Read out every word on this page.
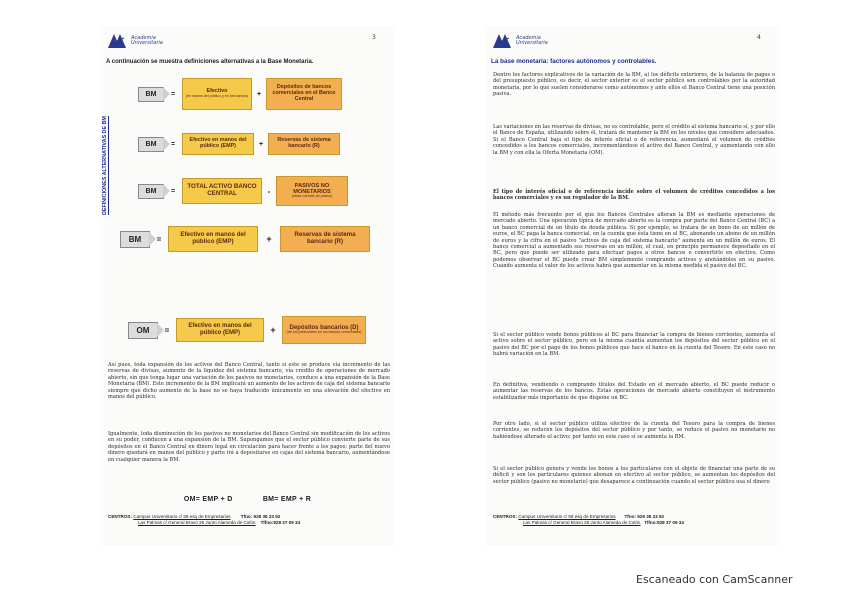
Academia
Universitaria
3
A continuación se muestra definiciones alternativas a la Base Monetaria.
DEFINICIONES ALTERNATIVAS DE BM
BM	=	Efectivo
(en manos del público y en los bancos)	+
Depósitos de bancos comerciales en el Banco Central
BM	=
Efectivo en manos del público (EMP)	+
Reservas de sistema bancario (R)
BM	=
TOTAL ACTIVO BANCO CENTRAL	-
PASIVOS NO MONETARIOS
(otras cuentas de pasivo)
BM	=	Efectivo en manos del público (EMP)	+	Reservas de sistema bancario (R)
OM	=	Efectivo en manos del público (EMP)	+	Depósitos bancarios (D)
(de los particulares en los bancos comerciales)
Así pues, toda expansión de los activos del Banco Central, tanto si este se produce vía incremento de las reservas de divisas, aumento de la liquidez del sistema bancario, vía crédito de operaciones de mercado abierto, sin que tenga lugar una variación de los pasivos no monetarios, conduce a una expansión de la Base Monetaria (BM). Este incremento de la BM implicará un aumento de los activos de caja del sistema bancario siempre que dicho aumento de la base no se haya traducido únicamente en una elevación del efectivo en manos del público.
Igualmente, toda disminución de los pasivos no monetarios del Banco Central sin modificación de los activos en su poder, conducen a una expansión de la BM. Supongamos que el sector público convierte parte de sus depósitos en el Banco Central en dinero legal en circulación para hacer frente a los pagos; parte del nuevo dinero quedará en manos del público y parte irá a depositarse en cajas del sistema bancario, aumentándose en cualquier manera la BM.
OM= EMP + D	BM= EMP + R
CENTROS: Campus Universitario c/ 59 esq de Empresarios Tfno: 928 35 23 92
Las Palmas c/ General Bravo 35 Junto Alameda de Colón Tlfno:928 37 09 34
Academia
Universitaria
4
La base monetaria: factores autónomos y controlables.
Dentro los factores explicativos de la variación de la BM, a) los déficits exteriores, de la balanza de pagos o del presupuesto público, es decir, el sector exterior es el sector público son controlables por la autoridad monetaria, por lo que suelen considerarse como autónomos y ante ellos el Banco Central tiene una posición pasiva.
Las variaciones en las reservas de divisas, no es controlable, pero el crédito al sistema bancario sí, y por ello el Banco de España, utilizando sobre él, tratará de mantener la BM en los niveles que considere adecuados. Si el Banco Central baja el tipo de interés oficial o de referencia, aumentará el volumen de créditos concedidos a los bancos comerciales, incrementándose el activo del Banco Central, y aumentando con ello la BM y con ella la Oferta Monetaria (OM).
El tipo de interés oficial o de referencia incide sobre el volumen de créditos concedidos a los bancos comerciales y es un regulador de la BM.
El método más frecuente por el que los Bancos Centrales alteran la BM es mediante operaciones de mercado abierto. Una operación típica de mercado abierto es la compra por parte del Banco Central (BC) a un banco comercial de un título de deuda pública. Si por ejemplo, se tratara de un bono de un millón de euros, el BC paga la banca comercial, en la cuenta que ésta tiene en el BC, abonando un abono de un millón de euros y la cifra en el pasivo "activos de caja del sistema bancario" aumenta en un millón de euros. El banco comercial a aumentado sus reservas en un millón, el cual, en principio permanece depositado en el BC, pero que puede ser utilizado para efectuar pagos a otros bancos o convertirlo en efectivo. Como podemos observar el BC puede crear BM simplemente comprando activos y anotándolos en su pasivo. Cuando aumenta el valor de los activos habrá que aumentar en la misma medida el pasivo del BC.
Si el sector público vende bonos públicos al BC para financiar la compra de bienes corrientes, aumenta el activo sobre el sector público, pero en la misma cuantía aumentan los depósitos del sector público en el pasivo del BC por el pago de los bonos públicos que hace el banco en la cuenta del Tesoro. En este caso no habrá variación en la BM.
En definitiva, vendiendo o comprando títulos del Estado en el mercado abierto, el BC puede reducir o aumentar las reservas de los bancos. Estas operaciones de mercado abierto constituyen el instrumento estabilizador más importante de que dispone un BC.
Por otro lado, si el sector público utiliza efectivo de la cuenta del Tesoro para la compra de bienes corrientes, se reducen los depósitos del sector público y por tanto, se reduce el pasivo no monetario no habiéndose alterado el activo; por tanto en este caso sí se aumenta la BM.
Si el sector público genera y vende los bonos a los particulares con el objeto de financiar una parte de su déficit y son los particulares quienes abonan en efectivo al sector público, se aumentan los depósitos del sector público (pasivo no monetario) que desaparece a continuación cuando el sector público usa el dinero
CENTROS: Campus Universitario c/ 59 esq de Empresarios Tfno: 928 35 23 92
Las Palmas c/ General Bravo 35 Junto Alameda de Colón Tlfno:928 37 09 34
Escaneado con CamScanner
